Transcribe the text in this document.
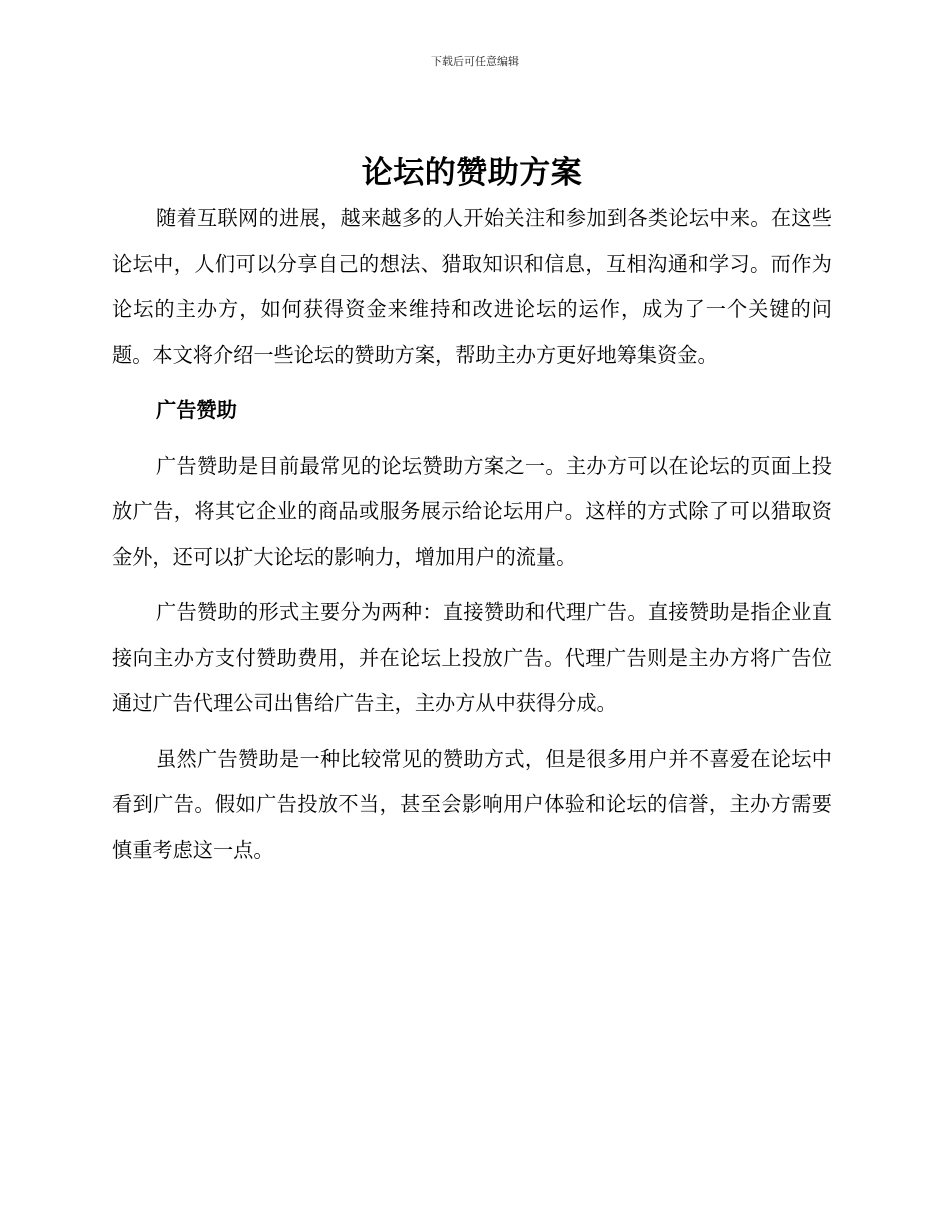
下载后可任意编辑
论坛的赞助方案

随着互联网的进展，越来越多的人开始关注和参加到各类论坛中来。在这些论坛中，人们可以分享自己的想法、猎取知识和信息，互相沟通和学习。而作为论坛的主办方，如何获得资金来维持和改进论坛的运作，成为了一个关键的问题。本文将介绍一些论坛的赞助方案，帮助主办方更好地筹集资金。

广告赞助

广告赞助是目前最常见的论坛赞助方案之一。主办方可以在论坛的页面上投放广告，将其它企业的商品或服务展示给论坛用户。这样的方式除了可以猎取资金外，还可以扩大论坛的影响力，增加用户的流量。

广告赞助的形式主要分为两种：直接赞助和代理广告。直接赞助是指企业直接向主办方支付赞助费用，并在论坛上投放广告。代理广告则是主办方将广告位通过广告代理公司出售给广告主，主办方从中获得分成。

虽然广告赞助是一种比较常见的赞助方式，但是很多用户并不喜爱在论坛中看到广告。假如广告投放不当，甚至会影响用户体验和论坛的信誉，主办方需要慎重考虑这一点。
